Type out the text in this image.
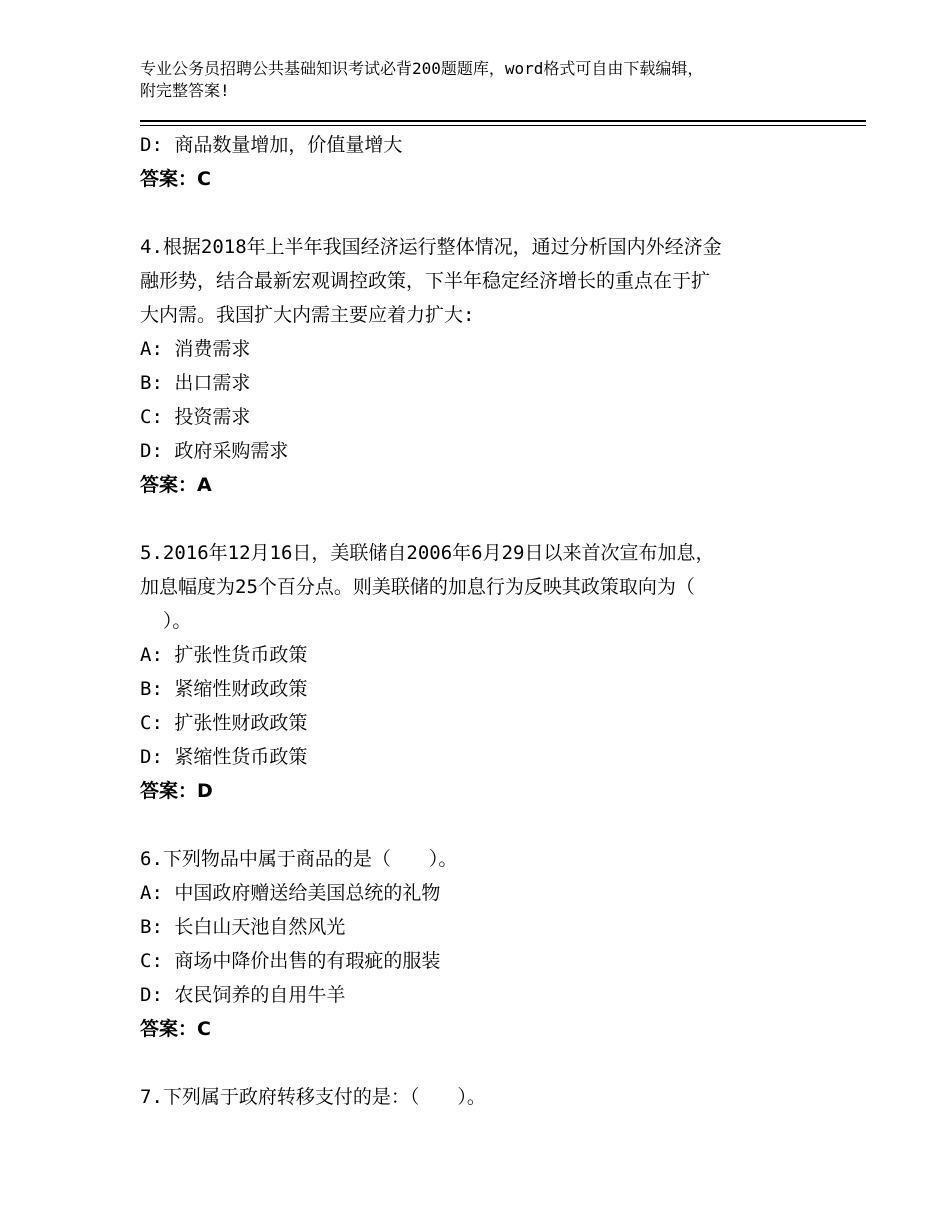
专业公务员招聘公共基础知识考试必背200题题库，word格式可自由下载编辑，
附完整答案!
D: 商品数量增加，价值量增大
答案：C
4.根据2018年上半年我国经济运行整体情况，通过分析国内外经济金
融形势，结合最新宏观调控政策，下半年稳定经济增长的重点在于扩
大内需。我国扩大内需主要应着力扩大:
A: 消费需求
B: 出口需求
C: 投资需求
D: 政府采购需求
答案：A
5.2016年12月16日，美联储自2006年6月29日以来首次宣布加息，
加息幅度为25个百分点。则美联储的加息行为反映其政策取向为（
）。
A: 扩张性货币政策
B: 紧缩性财政政策
C: 扩张性财政政策
D: 紧缩性货币政策
答案：D
6.下列物品中属于商品的是（　　）。
A: 中国政府赠送给美国总统的礼物
B: 长白山天池自然风光
C: 商场中降价出售的有瑕疵的服装
D: 农民饲养的自用牛羊
答案：C
7.下列属于政府转移支付的是：（　　）。
